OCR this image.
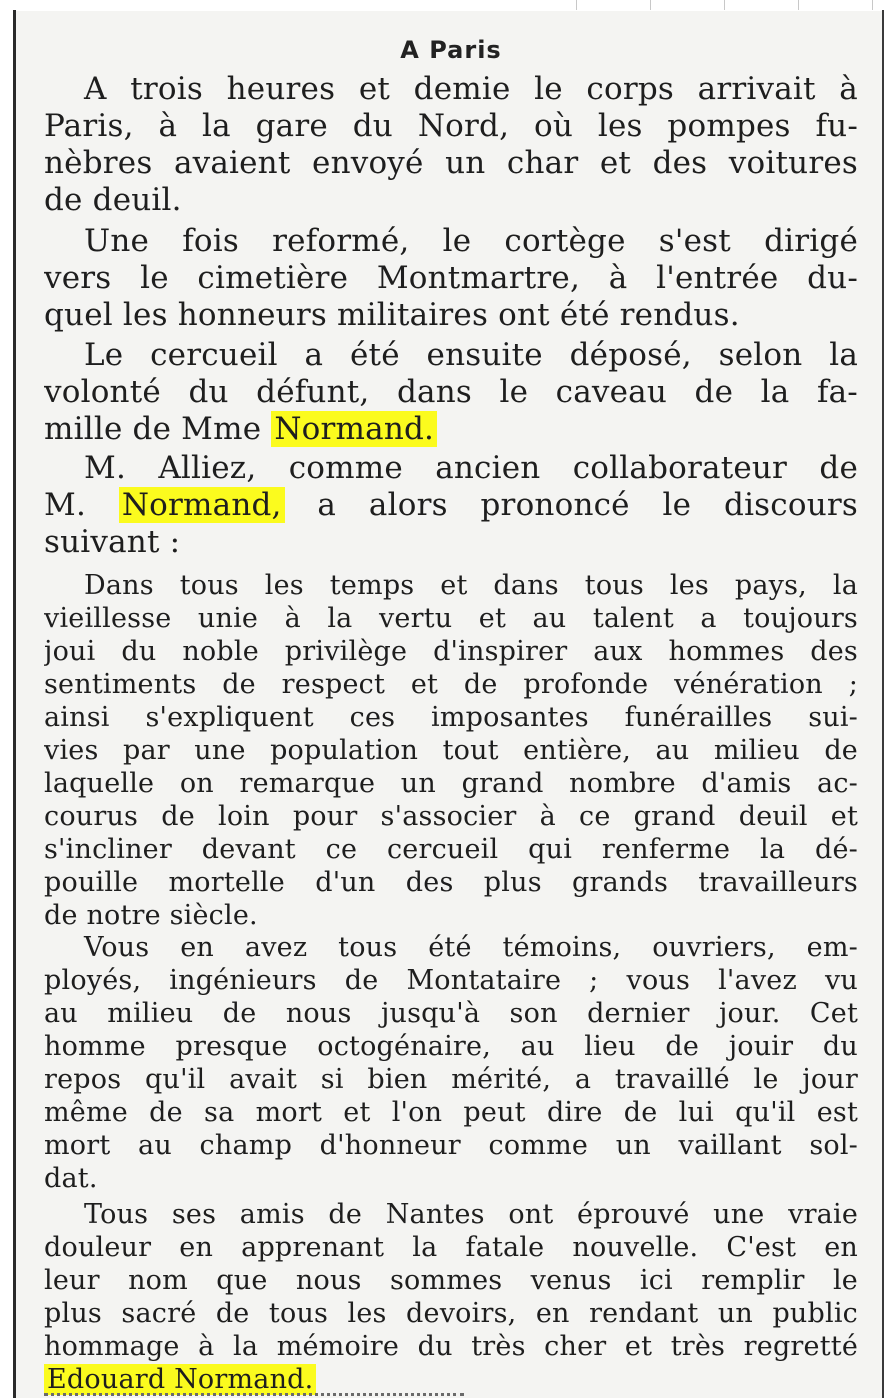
A Paris
A trois heures et demie le corps arrivait à
Paris, à la gare du Nord, où les pompes fu-
nèbres avaient envoyé un char et des voitures
de deuil.
Une fois reformé, le cortège s'est dirigé
vers le cimetière Montmartre, à l'entrée du-
quel les honneurs militaires ont été rendus.
Le cercueil a été ensuite déposé, selon la
volonté du défunt, dans le caveau de la fa-
mille de Mme Normand.
M. Alliez, comme ancien collaborateur de
M. Normand, a alors prononcé le discours
suivant :
Dans tous les temps et dans tous les pays, la
vieillesse unie à la vertu et au talent a toujours
joui du noble privilège d'inspirer aux hommes des
sentiments de respect et de profonde vénération ;
ainsi s'expliquent ces imposantes funérailles sui-
vies par une population tout entière, au milieu de
laquelle on remarque un grand nombre d'amis ac-
courus de loin pour s'associer à ce grand deuil et
s'incliner devant ce cercueil qui renferme la dé-
pouille mortelle d'un des plus grands travailleurs
de notre siècle.
Vous en avez tous été témoins, ouvriers, em-
ployés, ingénieurs de Montataire ; vous l'avez vu
au milieu de nous jusqu'à son dernier jour. Cet
homme presque octogénaire, au lieu de jouir du
repos qu'il avait si bien mérité, a travaillé le jour
même de sa mort et l'on peut dire de lui qu'il est
mort au champ d'honneur comme un vaillant sol-
dat.
Tous ses amis de Nantes ont éprouvé une vraie
douleur en apprenant la fatale nouvelle. C'est en
leur nom que nous sommes venus ici remplir le
plus sacré de tous les devoirs, en rendant un public
hommage à la mémoire du très cher et très regretté
Edouard Normand.
